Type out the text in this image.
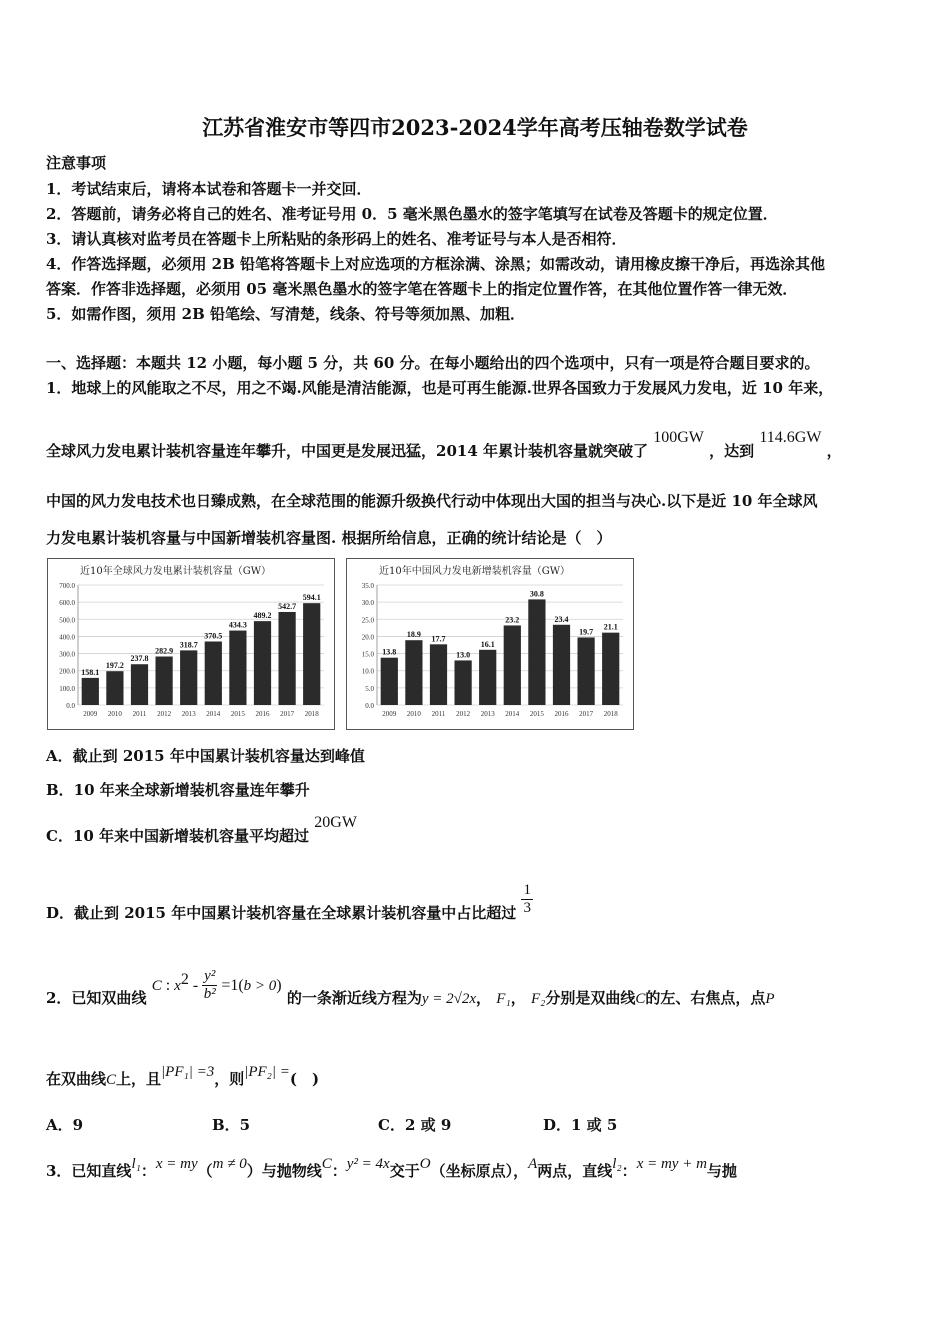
江苏省淮安市等四市2023-2024学年高考压轴卷数学试卷
注意事项
1．考试结束后，请将本试卷和答题卡一并交回．
2．答题前，请务必将自己的姓名、准考证号用 0．5 毫米黑色墨水的签字笔填写在试卷及答题卡的规定位置．
3．请认真核对监考员在答题卡上所粘贴的条形码上的姓名、准考证号与本人是否相符．
4．作答选择题，必须用 2B 铅笔将答题卡上对应选项的方框涂满、涂黑；如需改动，请用橡皮擦干净后，再选涂其他
答案．作答非选择题，必须用 05 毫米黑色墨水的签字笔在答题卡上的指定位置作答，在其他位置作答一律无效．
5．如需作图，须用 2B 铅笔绘、写清楚，线条、符号等须加黑、加粗．
一、选择题：本题共 12 小题，每小题 5 分，共 60 分。在每小题给出的四个选项中，只有一项是符合题目要求的。
1．地球上的风能取之不尽，用之不竭.风能是清洁能源，也是可再生能源.世界各国致力于发展风力发电，近 10 年来，
全球风力发电累计装机容量连年攀升，中国更是发展迅猛，2014 年累计装机容量就突破了 100GW ，达到 114.6GW ，
中国的风力发电技术也日臻成熟，在全球范围的能源升级换代行动中体现出大国的担当与决心.以下是近 10 年全球风
力发电累计装机容量与中国新增装机容量图. 根据所给信息，正确的统计结论是（　）
近10年全球风力发电累计装机容量（GW）
0.0
100.0
200.0
300.0
400.0
500.0
600.0
700.0
158.1
2009
197.2
2010
237.8
2011
282.9
2012
318.7
2013
370.5
2014
434.3
2015
489.2
2016
542.7
2017
594.1
2018
近10年中国风力发电新增装机容量（GW）
0.0
5.0
10.0
15.0
20.0
25.0
30.0
35.0
13.8
2009
18.9
2010
17.7
2011
13.0
2012
16.1
2013
23.2
2014
30.8
2015
23.4
2016
19.7
2017
21.1
2018
A．截止到 2015 年中国累计装机容量达到峰值
B．10 年来全球新增装机容量连年攀升
C．10 年来中国新增装机容量平均超过 20GW
D．截止到 2015 年中国累计装机容量在全球累计装机容量中占比超过 $\frac{1}{3}$
2．已知双曲线 C : $x^2 - \frac{\text{y²}}{\text{b²}} =1(b > 0)$ 的一条渐近线方程为y = 2√2x， F₁， F₂分别是双曲线C的左、右焦点，点P
在双曲线C上，且|PF₁| =3，则|PF₂| =(　)
A．9	B．5	C．2 或 9	D．1 或 5
3．已知直线l₁：x = my（m ≠ 0）与抛物线C：y² = 4x交于O（坐标原点），A两点，直线l₂：x = my + m与抛
